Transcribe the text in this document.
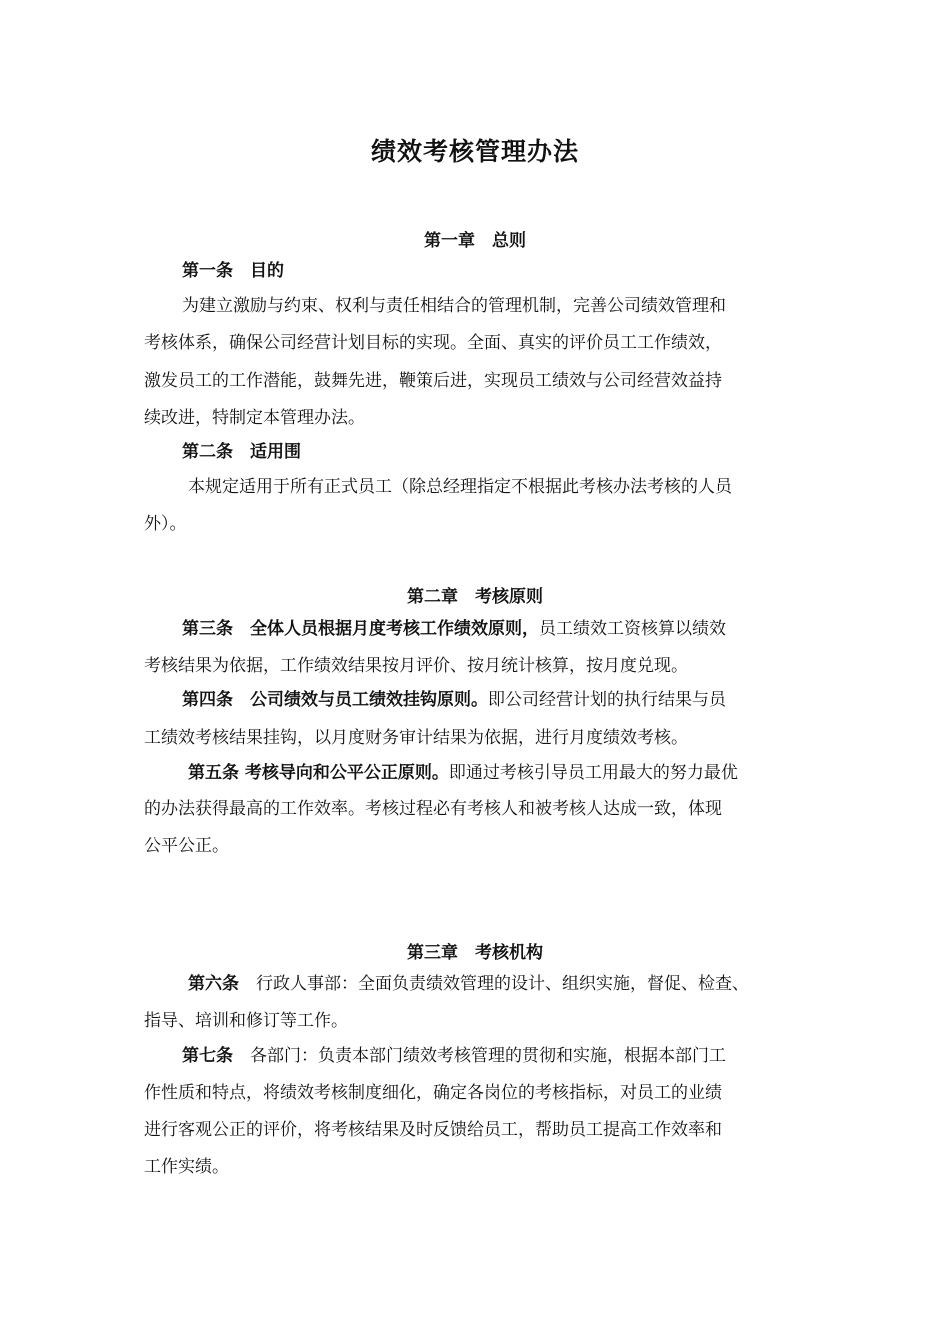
绩效考核管理办法
第一章　总则
第一条　目的
为建立激励与约束、权利与责任相结合的管理机制，完善公司绩效管理和
考核体系，确保公司经营计划目标的实现。全面、真实的评价员工工作绩效，
激发员工的工作潜能，鼓舞先进，鞭策后进，实现员工绩效与公司经营效益持
续改进，特制定本管理办法。
第二条　适用围
本规定适用于所有正式员工（除总经理指定不根据此考核办法考核的人员
外）。
第二章　考核原则
第三条　全体人员根据月度考核工作绩效原则，员工绩效工资核算以绩效
考核结果为依据，工作绩效结果按月评价、按月统计核算，按月度兑现。
第四条　公司绩效与员工绩效挂钩原则。即公司经营计划的执行结果与员
工绩效考核结果挂钩，以月度财务审计结果为依据，进行月度绩效考核。
第五条 考核导向和公平公正原则。即通过考核引导员工用最大的努力最优
的办法获得最高的工作效率。考核过程必有考核人和被考核人达成一致，体现
公平公正。
第三章　考核机构
第六条　行政人事部：全面负责绩效管理的设计、组织实施，督促、检查、
指导、培训和修订等工作。
第七条　各部门：负责本部门绩效考核管理的贯彻和实施，根据本部门工
作性质和特点，将绩效考核制度细化，确定各岗位的考核指标，对员工的业绩
进行客观公正的评价，将考核结果及时反馈给员工，帮助员工提高工作效率和
工作实绩。
